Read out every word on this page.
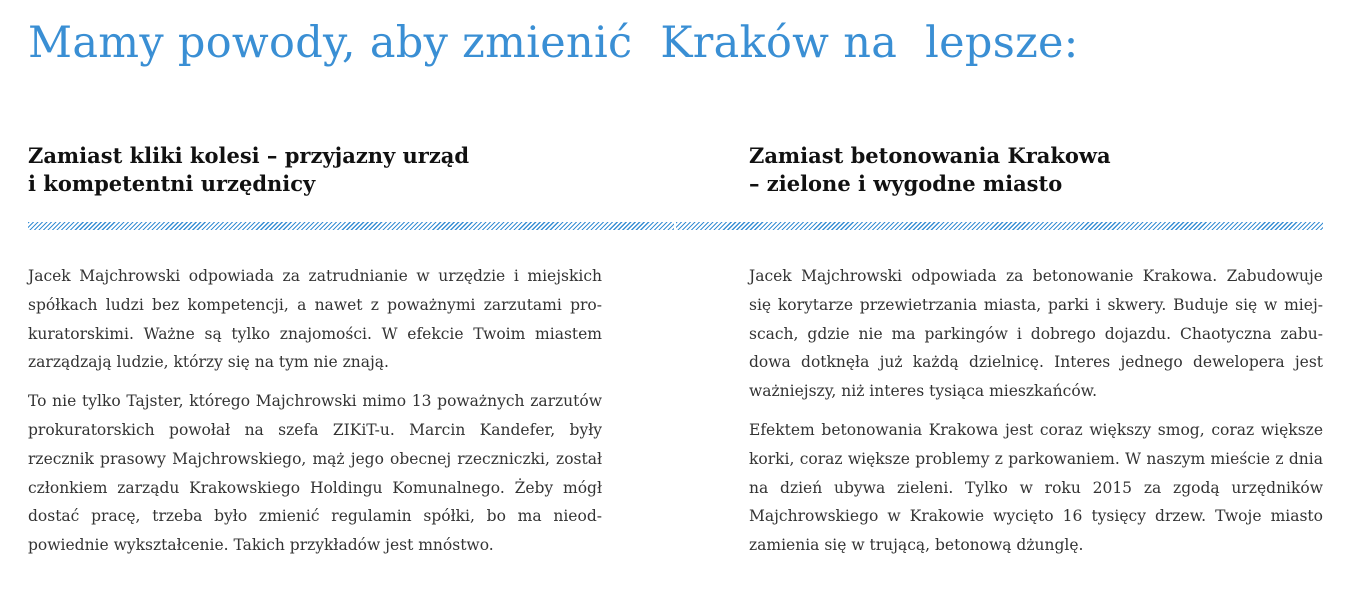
Mamy powody, aby zmienić  Kraków na  lepsze:
Zamiast kliki kolesi – przyjazny urząd
i kompetentni urzędnicy
Zamiast betonowania Krakowa
– zielone i wygodne miasto

Jacek Majchrowski odpowiada za zatrudnianie w urzędzie i miejskich spółkach ludzi bez kompetencji, a nawet z poważnymi zarzutami prokuratorskimi. Ważne są tylko znajomości. W efekcie Twoim miastem zarządzają ludzie, którzy się na tym nie znają.

To nie tylko Tajster, którego Majchrowski mimo 13 poważnych zarzutów prokuratorskich powołał na szefa ZIKiT-u. Marcin Kandefer, były rzecznik prasowy Majchrowskiego, mąż jego obecnej rzeczniczki, został członkiem zarządu Krakowskiego Holdingu Komunalnego. Żeby mógł dostać pracę, trzeba było zmienić regulamin spółki, bo ma nieodpowiednie wykształcenie. Takich przykładów jest mnóstwo.

Jacek Majchrowski odpowiada za betonowanie Krakowa. Zabudowuje się korytarze przewietrzania miasta, parki i skwery. Buduje się w miejscach, gdzie nie ma parkingów i dobrego dojazdu. Chaotyczna zabudowa dotknęła już każdą dzielnicę. Interes jednego dewelopera jest ważniejszy, niż interes tysiąca mieszkańców.

Efektem betonowania Krakowa jest coraz większy smog, coraz większe korki, coraz większe problemy z parkowaniem. W naszym mieście z dnia na dzień ubywa zieleni. Tylko w roku 2015 za zgodą urzędników Majchrowskiego w Krakowie wycięto 16 tysięcy drzew. Twoje miasto zamienia się w trującą, betonową dżunglę.
